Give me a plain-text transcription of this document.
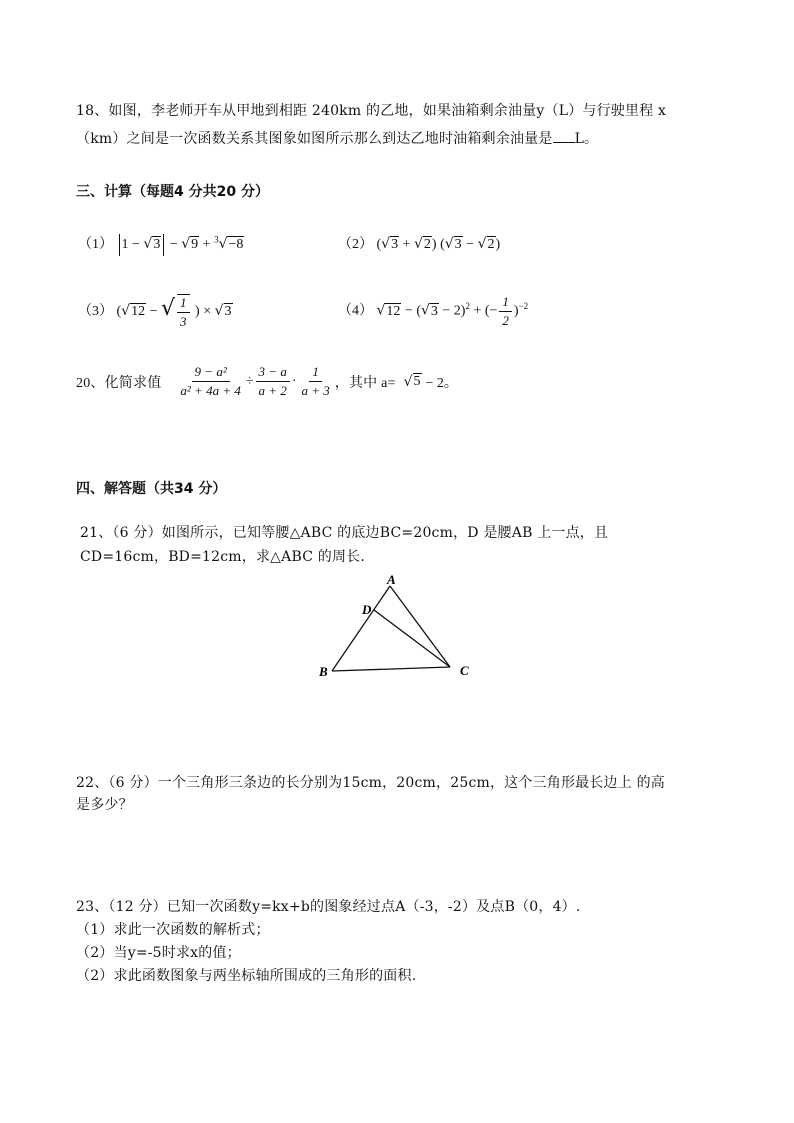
18、如图，李老师开车从甲地到相距 240km 的乙地，如果油箱剩余油量y（L）与行驶里程 x
（km）之间是一次函数关系其图象如图所示那么到达乙地时油箱剩余油量是 L。
三、计算（每题4 分共20 分）
（1） 1 − √3 − √9 + $^3$√−8	（2） (√3 + √2) (√3 − √2)
（3） (√12 − √ $\frac{1}{3}$ ) × √3	（4） $√12 - (√3 - 2)^2$ + (− $\frac{1}{2} )^{-2}$
20、化简求值 $\frac{\text{9 − a²}}{\text{a² + 4a + 4}} \div \frac{3 - a}{a + 2} \cdot \frac{1}{a + 3}$ ，其中 a= √ 5 − 2。
四、解答题（共34 分）
21、（6 分）如图所示，已知等腰△ABC 的底边BC=20cm，D 是腰AB 上一点，且
CD=16cm，BD=12cm，求△ABC 的周长.
A
D
B	C
22、（6 分）一个三角形三条边的长分别为15cm，20cm，25cm，这个三角形最长边上 的高
是多少？
23、（12 分）已知一次函数y=kx+b的图象经过点A（-3，-2）及点B（0，4）.
（1）求此一次函数的解析式；
（2）当y=-5时求x的值；
（2）求此函数图象与两坐标轴所围成的三角形的面积.
